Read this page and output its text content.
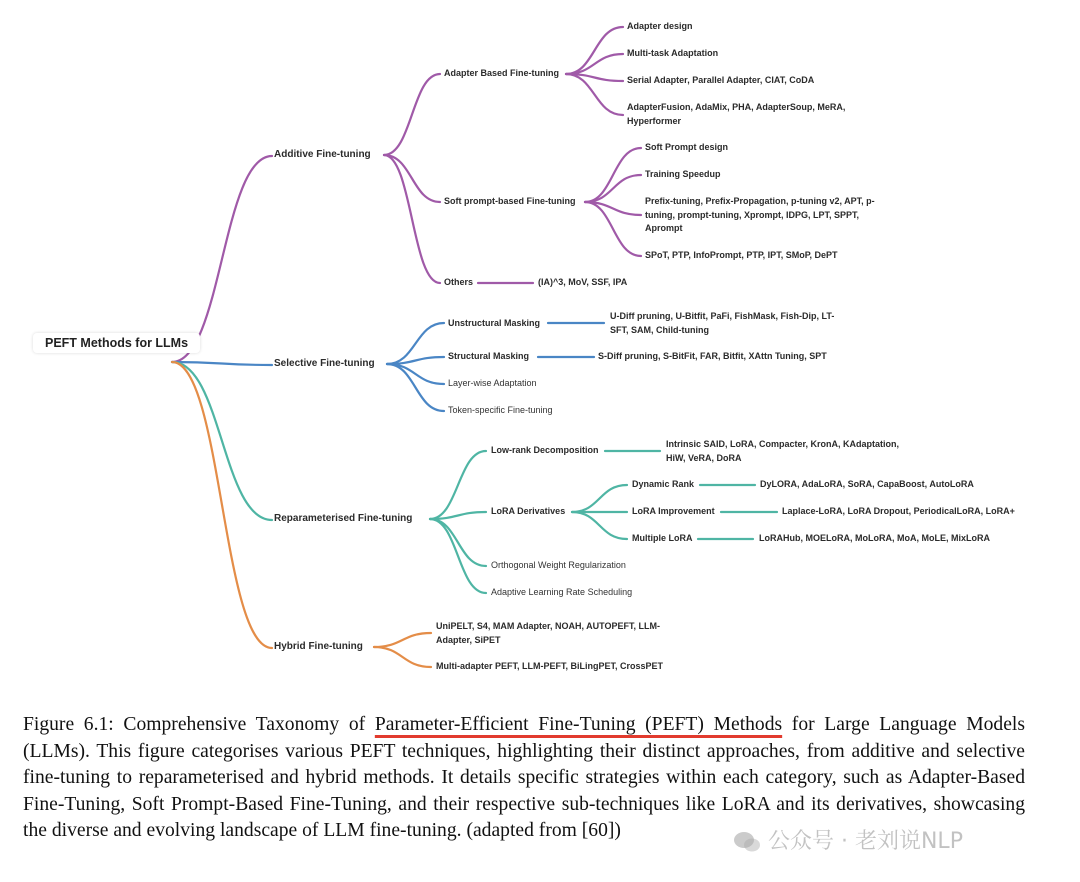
PEFT Methods for LLMs
Additive Fine-tuning
Adapter Based Fine-tuning
Adapter design
Multi-task Adaptation
Serial Adapter, Parallel Adapter, CIAT, CoDA
AdapterFusion, AdaMix, PHA, AdapterSoup, MeRA, Hyperformer
Soft prompt-based Fine-tuning
Soft Prompt design
Training Speedup
Prefix-tuning, Prefix-Propagation, p-tuning v2, APT, p-tuning, prompt-tuning, Xprompt, IDPG, LPT, SPPT, Aprompt
SPoT, PTP, InfoPrompt, PTP, IPT, SMoP, DePT
Others	(IA)^3, MoV, SSF, IPA
Selective Fine-tuning
Unstructural Masking
U-Diff pruning, U-Bitfit, PaFi, FishMask, Fish-Dip, LT-SFT, SAM, Child-tuning
Structural Masking	S-Diff pruning, S-BitFit, FAR, Bitfit, XAttn Tuning, SPT
Layer-wise Adaptation
Token-specific Fine-tuning
Reparameterised Fine-tuning
Low-rank Decomposition
Intrinsic SAID, LoRA, Compacter, KronA, KAdaptation, HiW, VeRA, DoRA
LoRA Derivatives
Dynamic Rank	DyLORA, AdaLoRA, SoRA, CapaBoost, AutoLoRA
LoRA Improvement	Laplace-LoRA, LoRA Dropout, PeriodicalLoRA, LoRA+
Multiple LoRA	LoRAHub, MOELoRA, MoLoRA, MoA, MoLE, MixLoRA
Orthogonal Weight Regularization
Adaptive Learning Rate Scheduling
Hybrid Fine-tuning
UniPELT, S4, MAM Adapter, NOAH, AUTOPEFT, LLM-Adapter, SiPET
Multi-adapter PEFT, LLM-PEFT, BiLingPET, CrossPET
Figure 6.1: Comprehensive Taxonomy of Parameter-Efficient Fine-Tuning (PEFT) Methods for Large Language Models (LLMs). This figure categorises various PEFT techniques, highlighting their distinct approaches, from additive and selective fine-tuning to reparameterised and hybrid methods. It details specific strategies within each category, such as Adapter-Based Fine-Tuning, Soft Prompt-Based Fine-Tuning, and their respective sub-techniques like LoRA and its derivatives, showcasing the diverse and evolving landscape of LLM fine-tuning. (adapted from [60])	公众号 · 老刘说NLP
